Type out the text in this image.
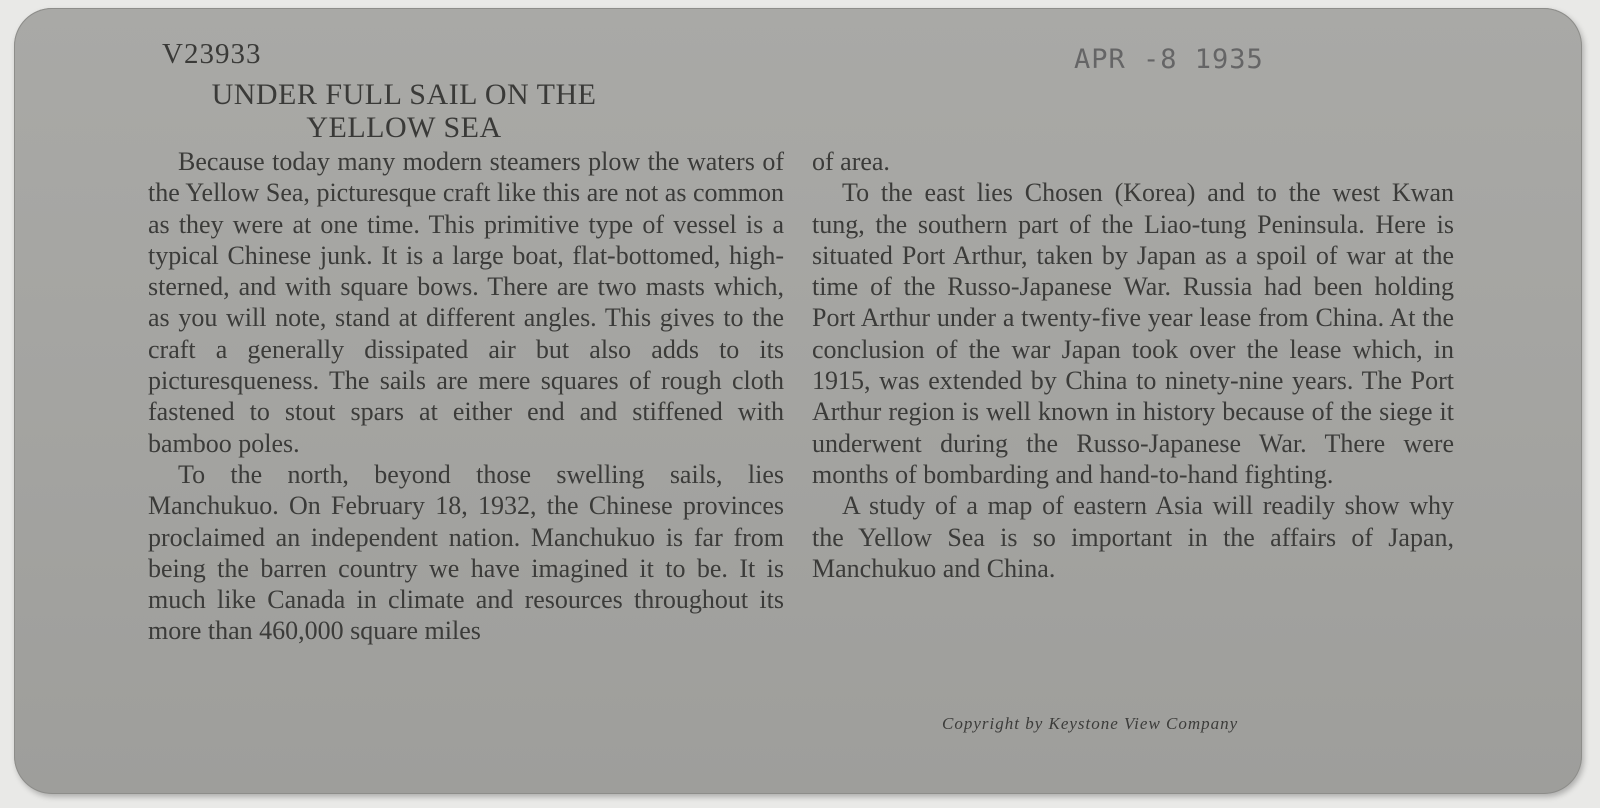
V23933	APR -8 1935
UNDER FULL SAIL ON THE YELLOW SEA

Because today many modern steamers plow the waters of the Yellow Sea, picturesque craft like this are not as common as they were at one time. This primitive type of vessel is a typical Chinese junk. It is a large boat, flat-bottomed, high-sterned, and with square bows. There are two masts which, as you will note, stand at different angles. This gives to the craft a generally dissipated air but also adds to its picturesqueness. The sails are mere squares of rough cloth fastened to stout spars at either end and stiffened with bamboo poles.

To the north, beyond those swelling sails, lies Manchukuo. On February 18, 1932, the Chinese provinces proclaimed an independent nation. Manchukuo is far from being the barren country we have imagined it to be. It is much like Canada in climate and resources throughout its more than 460,000 square miles

of area.

To the east lies Chosen (Korea) and to the west Kwan tung, the southern part of the Liao-tung Peninsula. Here is situated Port Arthur, taken by Japan as a spoil of war at the time of the Russo-Japanese War. Russia had been holding Port Arthur under a twenty-five year lease from China. At the conclusion of the war Japan took over the lease which, in 1915, was extended by China to ninety-nine years. The Port Arthur region is well known in history because of the siege it underwent during the Russo-Japanese War. There were months of bombarding and hand-to-hand fighting.

A study of a map of eastern Asia will readily show why the Yellow Sea is so important in the affairs of Japan, Manchukuo and China.

Copyright by Keystone View Company
